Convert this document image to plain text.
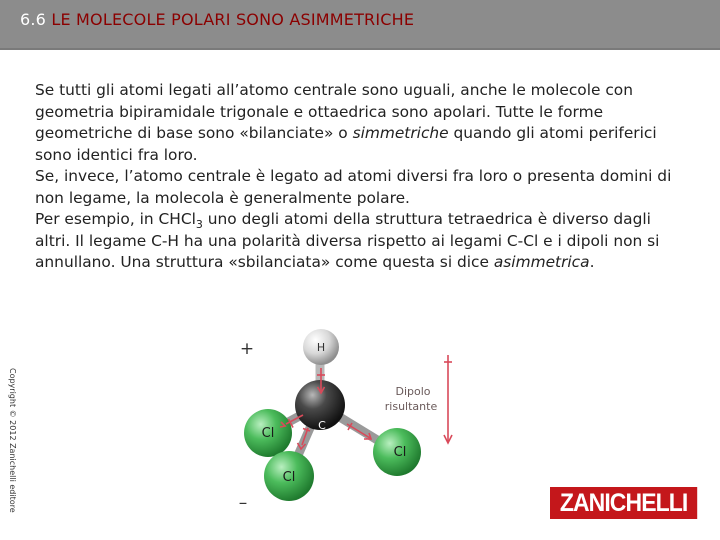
6.6 LE MOLECOLE POLARI SONO ASIMMETRICHE

Se tutti gli atomi legati all’atomo centrale sono uguali, anche le molecole con geometria bipiramidale trigonale e ottaedrica sono apolari. Tutte le forme geometriche di base sono «bilanciate» o simmetriche quando gli atomi periferici sono identici fra loro.

Se, invece, l’atomo centrale è legato ad atomi diversi fra loro o presenta domini di non legame, la molecola è generalmente polare.

Per esempio, in CHCl$_3$ uno degli atomi della struttura tetraedrica è diverso dagli altri. Il legame C-H ha una polarità diversa rispetto ai legami C-Cl e i dipoli non si annullano. Una struttura «sbilanciata» come questa si dice asimmetrica.

Copyright © 2012 Zanichelli editore	Cl
Cl
Cl
C
H
Dipolo
risultante
+
–	ZANICHELLI
